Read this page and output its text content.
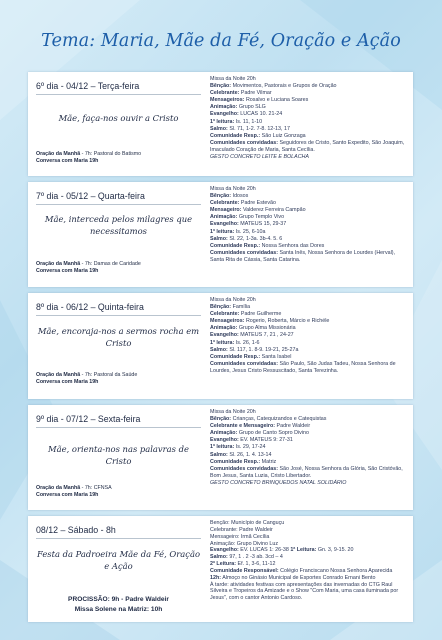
Tema: Maria, Mãe da Fé, Oração e Ação
6º dia - 04/12 – Terça-feira
Mãe, faça-nos ouvir a Cristo
Oração da Manhã - 7h: Pastoral do Batismo
Conversa com Maria 19h
Missa da Noite 20h
Bênção: Movimentos, Pastorais e Grupos de Oração
Celebrante: Padre Vilmar
Mensageiros: Rosalvo e Luciana Soares
Animação: Grupo SLG
Evangelho: LUCAS 10. 21-24
1ª leitura: Is. 11, 1-10
Salmo: Sl. 71, 1-2. 7-8. 12-13, 17
Comunidade Resp.: São Luiz Gonzaga
Comunidades convidadas: Seguidores de Cristo, Santo Expedito, São Joaquim, Imaculado Coração de Maria, Santa Cecília.
GESTO CONCRETO LEITE E BOLACHA
7º dia - 05/12 – Quarta-feira
Mãe, interceda pelos milagres que necessitamos
Oração da Manhã - 7h: Damas de Caridade
Conversa com Maria 19h
Missa da Noite 20h
Bênção: Idosos
Celebrante: Padre Estevão
Mensageiro: Valderez Ferreira Campão
Animação: Grupo Templo Vivo
Evangelho: MATEUS 15, 29-37
1ª leitura: Is. 25, 6-10a
Salmo: Sl. 22, 1-3a. 3b-4. 5. 6
Comunidade Resp.: Nossa Senhora das Dores
Comunidades convidadas: Santa Inês, Nossa Senhora de Lourdes (Herval), Santa Rita de Cássia, Santa Catarina.
8º dia - 06/12 – Quinta-feira
Mãe, encoraja-nos a sermos rocha em Cristo
Oração da Manhã - 7h: Pastoral da Saúde
Conversa com Maria 19h
Missa da Noite 20h
Bênção: Família
Celebrante: Padre Guilherme
Mensageiros: Rogerio, Roberta, Márcio e Richéle
Animação: Grupo Alma Missionária
Evangelho: MATEUS 7, 21 , 24-27
1ª leitura: Is. 26, 1-6
Salmo: Sl. 117, 1. 8-9. 19-21, 25-27a
Comunidade Resp.: Santa Isabel
Comunidades convidadas: São Paulo, São Judas Tadeu, Nossa Senhora de Lourdes, Jesus Cristo Ressuscitado, Santa Terezinha.
9º dia - 07/12 – Sexta-feira
Mãe, orienta-nos nas palavras de Cristo
Oração da Manhã - 7h: CFNSA
Conversa com Maria 19h
Missa da Noite 20h
Bênção: Crianças, Catequizandos e Catequistas
Celebrante e Mensageiro: Padre Waldeir
Animação: Grupo de Canto Sopro Divino
Evangelho: EV. MATEUS 9: 27-31
1ª leitura: Is. 29, 17-24
Salmo: Sl. 26, 1. 4. 13-14
Comunidade Resp.: Matriz
Comunidades convidadas: São José, Nossa Senhora da Glória, São Cristóvão, Bom Jesus, Santa Luzia, Cristo Libertador.
GESTO CONCRETO BRINQUEDOS NATAL SOLIDÁRIO
08/12 – Sábado - 8h
Festa da Padroeira Mãe da Fé, Oração e Ação
PROCISSÃO: 9h - Padre Waldeir
Missa Solene na Matriz: 10h
Benção: Município de Canguçu
Celebrante: Padre Waldeir
Mensageiro: Irmã Cecília
Animação: Grupo Divino Luz
Evangelho: EV. LUCAS 1: 26-38 1ª Leitura: Gn. 3, 9-15. 20
Salmo: 97, 1 . 2 -3 ab. 3cd – 4
2ª Leitura: Ef. 1, 3-6, 11-12
Comunidade Responsável: Colégio Franciscano Nossa Senhora Aparecida
12h: Almoço no Ginásio Municipal de Esportes Conrado Ernani Bento
À tarde: atividades festivas com apresentações das invernadas do CTG Raul Silveira e Tropeiros da Amizade e o Show "Com Maria, uma casa iluminada por Jesus", com o cantor Antonio Cardoso.
